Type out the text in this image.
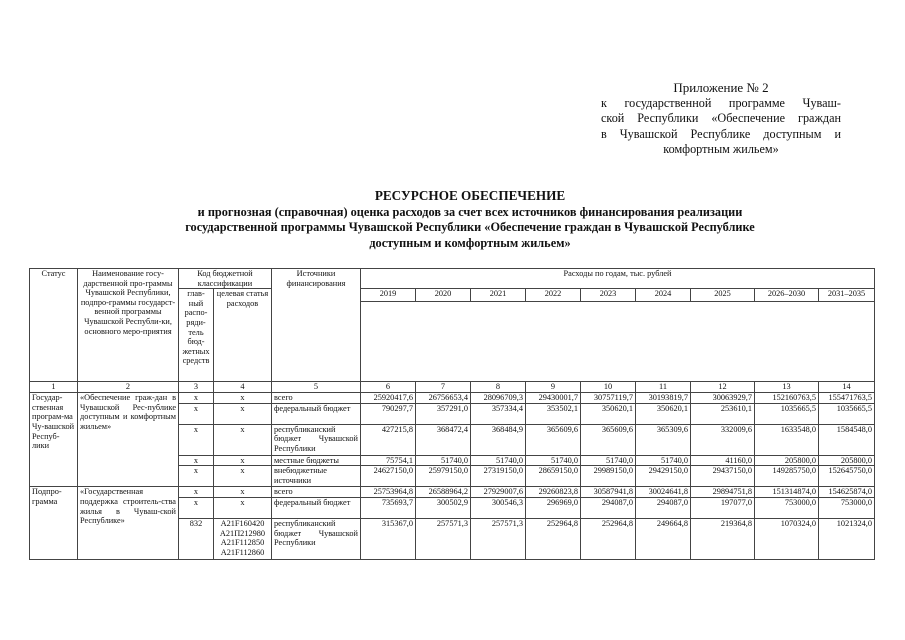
Приложение № 2
к государственной программе Чуваш-
ской Республики «Обеспечение граждан
в Чувашской Республике доступным и
комфортным жильем»
РЕСУРСНОЕ ОБЕСПЕЧЕНИЕ
и прогнозная (справочная) оценка расходов за счет всех источников финансирования реализации
государственной программы Чувашской Республики «Обеспечение граждан в Чувашской Республике
доступным и комфортным жильем»
Статус	Наименование госу-дарственной про-граммы Чувашской Республики, подпро-граммы государст-венной программы Чувашской Республи-ки, основного меро-приятия	Код бюджетной классификации		Источники финансирования	Расходы по годам, тыс. рублей								
		глав-ный распо-ряди-тель бюд-жетных средств	целевая статья расходов		2019	2020	2021	2022	2023	2024	2025	2026–2030	2031–2035

1	2	3	4	5	6	7	8	9	10	11	12	13	14
Государ-ственная програм-ма Чу-вашской Респуб-лики	«Обеспечение граж-дан в Чувашской Рес-публике доступным и комфортным жильем»	x	x	всего	25920417,6	26756653,4	28096709,3	29430001,7	30757119,7	30193819,7	30063929,7	152160763,5	155471763,5
		x	x	федеральный бюджет	790297,7	357291,0	357334,4	353502,1	350620,1	350620,1	253610,1	1035665,5	1035665,5
		x	x	республиканский бюджет Чувашской Республики	427215,8	368472,4	368484,9	365609,6	365609,6	365309,6	332009,6	1633548,0	1584548,0
		x	x	местные бюджеты	75754,1	51740,0	51740,0	51740,0	51740,0	51740,0	41160,0	205800,0	205800,0
		x	x	внебюджетные источники	24627150,0	25979150,0	27319150,0	28659150,0	29989150,0	29429150,0	29437150,0	149285750,0	152645750,0
Подпро-грамма	«Государственная поддержка строитель-ства жилья в Чуваш-ской Республике»	x	x	всего	25753964,8	26588964,2	27929007,6	29260823,8	30587941,8	30024641,8	29894751,8	151314874,0	154625874,0
		x	x	федеральный бюджет	735693,7	300502,9	300546,3	296969,0	294087,0	294087,0	197077,0	753000,0	753000,0
		832	A21F160420 A21П212980 A21F112850 A21F112860	республиканский бюджет Чувашской Республики	315367,0	257571,3	257571,3	252964,8	252964,8	249664,8	219364,8	1070324,0	1021324,0
